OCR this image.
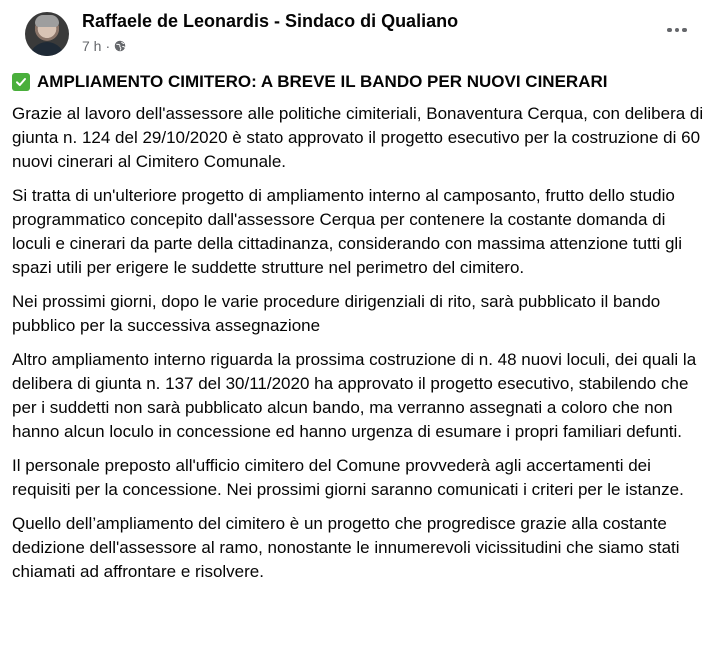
Raffaele de Leonardis - Sindaco di Qualiano
7 h ·
AMPLIAMENTO CIMITERO: A BREVE IL BANDO PER NUOVI CINERARI

Grazie al lavoro dell'assessore alle politiche cimiteriali, Bonaventura Cerqua, con delibera di giunta n. 124 del 29/10/2020 è stato approvato il progetto esecutivo per la costruzione di 60 nuovi cinerari al Cimitero Comunale.

Si tratta di un'ulteriore progetto di ampliamento interno al camposanto, frutto dello studio programmatico concepito dall'assessore Cerqua per contenere la costante domanda di loculi e cinerari da parte della cittadinanza, considerando con massima attenzione tutti gli spazi utili per erigere le suddette strutture nel perimetro del cimitero.

Nei prossimi giorni, dopo le varie procedure dirigenziali di rito, sarà pubblicato il bando pubblico per la successiva assegnazione

Altro ampliamento interno riguarda la prossima costruzione di n. 48 nuovi loculi, dei quali la delibera di giunta n. 137 del 30/11/2020 ha approvato il progetto esecutivo, stabilendo che per i suddetti non sarà pubblicato alcun bando, ma verranno assegnati a coloro che non hanno alcun loculo in concessione ed hanno urgenza di esumare i propri familiari defunti.

Il personale preposto all'ufficio cimitero del Comune provvederà agli accertamenti dei requisiti per la concessione. Nei prossimi giorni saranno comunicati i criteri per le istanze.

Quello dell’ampliamento del cimitero è un progetto che progredisce grazie alla costante dedizione dell'assessore al ramo, nonostante le innumerevoli vicissitudini che siamo stati chiamati ad affrontare e risolvere.
